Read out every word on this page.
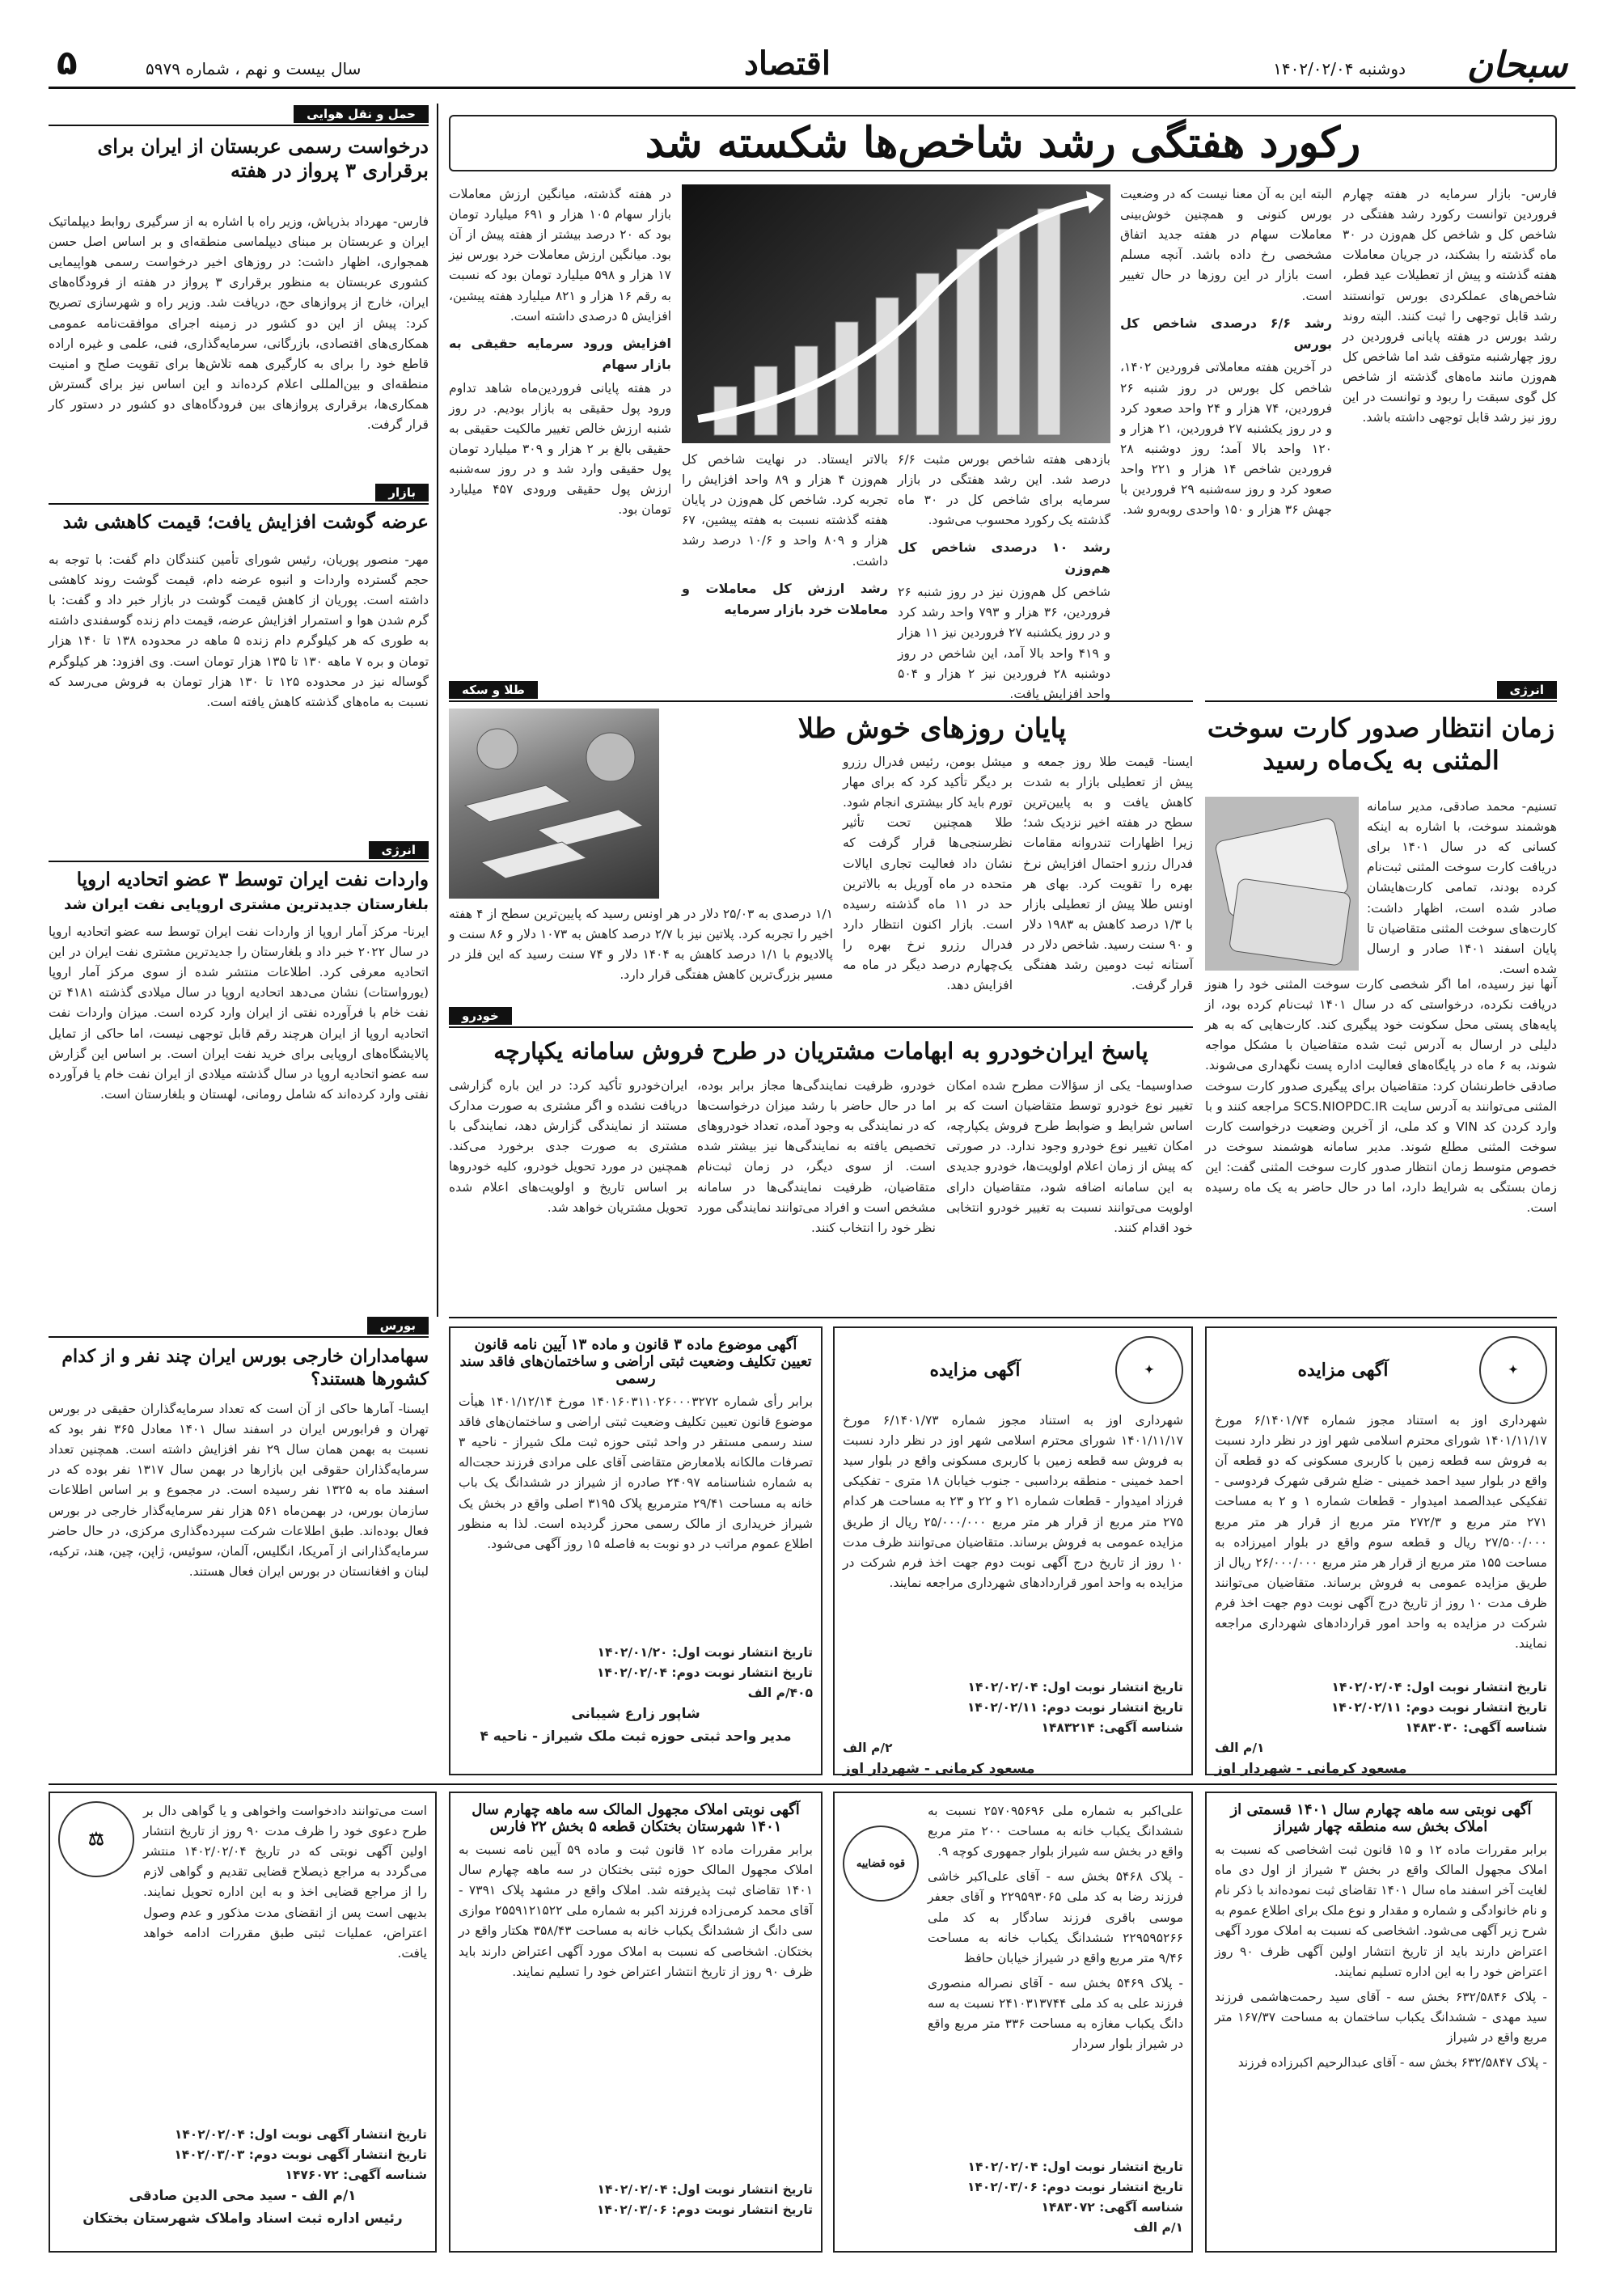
سبحان
دوشنبه ۱۴۰۲/۰۲/۰۴
اقتصاد
سال بیست و نهم ، شماره ۵۹۷۹
۵
رکورد هفتگی رشد شاخص‌ها شکسته شد

فارس- بازار سرمایه در هفته چهارم فروردین توانست رکورد رشد هفتگی در شاخص کل و شاخص کل هم‌وزن در ۳۰ ماه گذشته را بشکند، در جریان معاملات هفته گذشته و پیش از تعطیلات عید فطر، شاخص‌های عملکردی بورس توانستند رشد قابل توجهی را ثبت کنند. البته روند رشد بورس در هفته پایانی فروردین در روز چهارشنبه متوقف شد اما شاخص کل هم‌وزن مانند ماه‌های گذشته از شاخص کل گوی سبقت را ربود و توانست در این روز نیز رشد قابل توجهی داشته باشد.

البته این به آن معنا نیست که در وضعیت بورس کنونی و همچنین خوش‌بینی معاملات سهام در هفته جدید اتفاق مشخصی رخ داده باشد. آنچه مسلم است بازار در این روزها در حال تغییر است.

رشد ۶/۶ درصدی شاخص کل بورس

در آخرین هفته معاملاتی فروردین ۱۴۰۲، شاخص کل بورس در روز شنبه ۲۶ فروردین، ۷۴ هزار و ۲۴ واحد صعود کرد و در روز یکشنبه ۲۷ فروردین، ۲۱ هزار و ۱۲۰ واحد بالا آمد؛ روز دوشنبه ۲۸ فروردین شاخص ۱۴ هزار و ۲۲۱ واحد صعود کرد و روز سه‌شنبه ۲۹ فروردین با جهش ۳۶ هزار و ۱۵۰ واحدی روبه‌رو شد.

بازدهی هفته شاخص بورس مثبت ۶/۶ درصد شد. این رشد هفتگی در بازار سرمایه برای شاخص کل در ۳۰ ماه گذشته یک رکورد محسوب می‌شود.

رشد ۱۰ درصدی شاخص کل هم‌وزن

شاخص کل هم‌وزن نیز در روز شنبه ۲۶ فروردین، ۳۶ هزار و ۷۹۳ واحد رشد کرد و در روز یکشنبه ۲۷ فروردین نیز ۱۱ هزار و ۴۱۹ واحد بالا آمد، این شاخص در روز دوشنبه ۲۸ فروردین نیز ۲ هزار و ۵۰۴ واحد افزایش یافت.

بالاتر ایستاد. در نهایت شاخص کل هم‌وزن ۴ هزار و ۸۹ واحد افزایش را تجربه کرد. شاخص کل هم‌وزن در پایان هفته گذشته نسبت به هفته پیشین، ۶۷ هزار و ۸۰۹ واحد و ۱۰/۶ درصد رشد داشت.

رشد ارزش کل معاملات و معاملات خرد بازار سرمایه

در هفته گذشته، میانگین ارزش معاملات بازار سهام ۱۰۵ هزار و ۶۹۱ میلیارد تومان بود که ۲۰ درصد بیشتر از هفته پیش از آن بود. میانگین ارزش معاملات خرد بورس نیز ۱۷ هزار و ۵۹۸ میلیارد تومان بود که نسبت به رقم ۱۶ هزار و ۸۲۱ میلیارد هفته پیشین، افزایش ۵ درصدی داشته است.

افزایش ورود سرمایه حقیقی به بازار سهام

در هفته پایانی فروردین‌ماه شاهد تداوم ورود پول حقیقی به بازار بودیم. در روز شنبه ارزش خالص تغییر مالکیت حقیقی به حقیقی بالغ بر ۲ هزار و ۳۰۹ میلیارد تومان پول حقیقی وارد شد و در روز سه‌شنبه ارزش پول حقیقی ورودی ۴۵۷ میلیارد تومان بود.

حمل و نقل هوایی
درخواست رسمی عربستان از ایران برای برقراری ۳ پرواز در هفته

فارس- مهرداد بذرپاش، وزیر راه با اشاره به از سرگیری روابط دیپلماتیک ایران و عربستان بر مبنای دیپلماسی منطقه‌ای و بر اساس اصل حسن همجواری، اظهار داشت: در روزهای اخیر درخواست رسمی هواپیمایی کشوری عربستان به منظور برقراری ۳ پرواز در هفته از فرودگاه‌های ایران، خارج از پروازهای حج، دریافت شد. وزیر راه و شهرسازی تصریح کرد: پیش از این دو کشور در زمینه اجرای موافقت‌نامه عمومی همکاری‌های اقتصادی، بازرگانی، سرمایه‌گذاری، فنی، علمی و غیره اراده قاطع خود را برای به کارگیری همه تلاش‌ها برای تقویت صلح و امنیت منطقه‌ای و بین‌المللی اعلام کرده‌اند و این اساس نیز برای گسترش همکاری‌ها، برقراری پروازهای بین فرودگاه‌های دو کشور در دستور کار قرار گرفت.

بازار
عرضه گوشت افزایش یافت؛ قیمت کاهشی شد

مهر- منصور پوریان، رئیس شورای تأمین کنندگان دام گفت: با توجه به حجم گسترده واردات و انبوه عرضه دام، قیمت گوشت روند کاهشی داشته است. پوریان از کاهش قیمت گوشت در بازار خبر داد و گفت: با گرم شدن هوا و استمرار افزایش عرضه، قیمت دام زنده گوسفندی داشته به طوری که هر کیلوگرم دام زنده ۵ ماهه در محدوده ۱۳۸ تا ۱۴۰ هزار تومان و بره ۷ ماهه ۱۳۰ تا ۱۳۵ هزار تومان است. وی افزود: هر کیلوگرم گوساله نیز در محدوده ۱۲۵ تا ۱۳۰ هزار تومان به فروش می‌رسد که نسبت به ماه‌های گذشته کاهش یافته است.

انرژی
واردات نفت ایران توسط ۳ عضو اتحادیه اروپا
بلغارستان جدیدترین مشتری اروپایی نفت ایران شد

ایرنا- مرکز آمار اروپا از واردات نفت ایران توسط سه عضو اتحادیه اروپا در سال ۲۰۲۲ خبر داد و بلغارستان را جدیدترین مشتری نفت ایران در این اتحادیه معرفی کرد. اطلاعات منتشر شده از سوی مرکز آمار اروپا (یورواستات) نشان می‌دهد اتحادیه اروپا در سال میلادی گذشته ۴۱۸۱ تن نفت خام با فرآورده نفتی از ایران وارد کرده است. میزان واردات نفت اتحادیه اروپا از ایران هرچند رقم قابل توجهی نیست، اما حاکی از تمایل پالایشگاه‌های اروپایی برای خرید نفت ایران است. بر اساس این گزارش سه عضو اتحادیه اروپا در سال گذشته میلادی از ایران نفت خام یا فرآورده نفتی وارد کرده‌اند که شامل رومانی، لهستان و بلغارستان است.

طلا و سکه
پایان روزهای خوش طلا

ایسنا- قیمت طلا روز جمعه و پیش از تعطیلی بازار به شدت کاهش یافت و به پایین‌ترین سطح در هفته اخیر نزدیک شد؛ زیرا اظهارات تندروانه مقامات فدرال رزرو احتمال افزایش نرخ بهره را تقویت کرد. بهای هر اونس طلا پیش از تعطیلی بازار با ۱/۳ درصد کاهش به ۱۹۸۳ دلار و ۹۰ سنت رسید. شاخص دلار در آستانه ثبت دومین رشد هفتگی قرار گرفت.

میشل بومن، رئیس فدرال رزرو بر دیگر تأکید کرد که برای مهار تورم باید کار بیشتری انجام شود. طلا همچنین تحت تأثیر نظرسنجی‌ها قرار گرفت که نشان داد فعالیت تجاری ایالات متحده در ماه آوریل به بالاترین حد در ۱۱ ماه گذشته رسیده است. بازار اکنون انتظار دارد فدرال رزرو نرخ بهره را یک‌چهارم درصد دیگر در ماه مه افزایش دهد.

۱/۱ درصدی به ۲۵/۰۳ دلار در هر اونس رسید که پایین‌ترین سطح از ۴ هفته اخیر را تجربه کرد. پلاتین نیز با ۲/۷ درصد کاهش به ۱۰۷۳ دلار و ۸۶ سنت و پالادیوم با ۱/۱ درصد کاهش به ۱۴۰۴ دلار و ۷۴ سنت رسید که این فلز در مسیر بزرگ‌ترین کاهش هفتگی قرار دارد.

انرژی
زمان انتظار صدور کارت سوخت المثنی به یک‌ماه رسید

تسنیم- محمد صادقی، مدیر سامانه هوشمند سوخت، با اشاره به اینکه کسانی که در سال ۱۴۰۱ برای دریافت کارت سوخت المثنی ثبت‌نام کرده بودند، تمامی کارت‌هایشان صادر شده است، اظهار داشت: کارت‌های سوخت المثنی متقاضیان تا پایان اسفند ۱۴۰۱ صادر و ارسال شده است.

آنها نیز رسیده، اما اگر شخصی کارت سوخت المثنی خود را هنوز دریافت نکرده، درخواستی که در سال ۱۴۰۱ ثبت‌نام کرده بود، از پایه‌های پستی محل سکونت خود پیگیری کند. کارت‌هایی که به هر دلیلی در ارسال به آدرس ثبت شده متقاضیان با مشکل مواجه شوند، به ۶ ماه در پایگاه‌های فعالیت اداره پست نگهداری می‌شوند. صادقی خاطرنشان کرد: متقاضیان برای پیگیری صدور کارت سوخت المثنی می‌توانند به آدرس سایت SCS.NIOPDC.IR مراجعه کنند و با وارد کردن کد VIN و کد ملی، از آخرین وضعیت درخواست کارت سوخت المثنی مطلع شوند. مدیر سامانه هوشمند سوخت در خصوص متوسط زمان انتظار صدور کارت سوخت المثنی گفت: این زمان بستگی به شرایط دارد، اما در حال حاضر به یک ماه رسیده است.

خودرو
پاسخ ایران‌خودرو به ابهامات مشتریان در طرح فروش سامانه یکپارچه

صداوسیما- یکی از سؤالات مطرح شده امکان تغییر نوع خودرو توسط متقاضیان است که بر اساس شرایط و ضوابط طرح فروش یکپارچه، امکان تغییر نوع خودرو وجود ندارد. در صورتی که پیش از زمان اعلام اولویت‌ها، خودرو جدیدی به این سامانه اضافه شود، متقاضیان دارای اولویت می‌توانند نسبت به تغییر خودرو انتخابی خود اقدام کنند.

خودرو، ظرفیت نمایندگی‌ها مجاز برابر بوده، اما در حال حاضر با رشد میزان درخواست‌ها که در نمایندگی به وجود آمده، تعداد خودروهای تخصیص یافته به نمایندگی‌ها نیز بیشتر شده است. از سوی دیگر، در زمان ثبت‌نام متقاضیان، ظرفیت نمایندگی‌ها در سامانه مشخص است و افراد می‌توانند نمایندگی مورد نظر خود را انتخاب کنند.

ایران‌خودرو تأکید کرد: در این باره گزارشی دریافت نشده و اگر مشتری به صورت مدارک مستند از نمایندگی گزارش دهد، نمایندگی با مشتری به صورت جدی برخورد می‌کند. همچنین در مورد تحویل خودرو، کلیه خودروها بر اساس تاریخ و اولویت‌های اعلام شده تحویل مشتریان خواهد شد.

بورس
سهامداران خارجی بورس ایران چند نفر و از کدام کشورها هستند؟

ایسنا- آمارها حاکی از آن است که تعداد سرمایه‌گذاران حقیقی در بورس تهران و فرابورس ایران در اسفند سال ۱۴۰۱ معادل ۳۶۵ نفر بود که نسبت به بهمن همان سال ۲۹ نفر افزایش داشته است. همچنین تعداد سرمایه‌گذاران حقوقی این بازارها در بهمن سال ۱۳۱۷ نفر بوده که در اسفند ماه به ۱۳۲۵ نفر رسیده است. در مجموع و بر اساس اطلاعات سازمان بورس، در بهمن‌ماه ۵۶۱ هزار نفر سرمایه‌گذار خارجی در بورس فعال بوده‌اند. طبق اطلاعات شرکت سپرده‌گذاری مرکزی، در حال حاضر سرمایه‌گذارانی از آمریکا، انگلیس، آلمان، سوئیس، ژاپن، چین، هند، ترکیه، لبنان و افغانستان در بورس ایران فعال هستند.

✦
آگهی مزایده

شهرداری اوز به استناد مجوز شماره ۶/۱۴۰۱/۷۴ مورخ ۱۴۰۱/۱۱/۱۷ شورای محترم اسلامی شهر اوز در نظر دارد نسبت به فروش سه قطعه زمین با کاربری مسکونی که دو قطعه آن واقع در بلوار سید احمد خمینی - ضلع شرقی شهرک فردوسی - تفکیکی عبدالصمد امیدوار - قطعات شماره ۱ و ۲ به مساحت ۲۷۱ متر مربع و ۲۷۲/۳ متر مربع از قرار هر متر مربع ۲۷/۵۰۰/۰۰۰ ریال و قطعه سوم واقع در بلوار امیرزاده به مساحت ۱۵۵ متر مربع از قرار هر متر مربع ۲۶/۰۰۰/۰۰۰ ریال از طریق مزایده عمومی به فروش برساند. متقاضیان می‌توانند ظرف مدت ۱۰ روز از تاریخ درج آگهی نوبت دوم جهت اخذ فرم شرکت در مزایده به واحد امور قراردادهای شهرداری مراجعه نمایند.

تاریخ انتشار نوبت اول: ۱۴۰۲/۰۲/۰۴
تاریخ انتشار نوبت دوم: ۱۴۰۲/۰۲/۱۱
شناسه آگهی: ۱۴۸۳۰۳۰
۱/م الف
مسعود کرمانی - شهردار اوز
✦
آگهی مزایده

شهرداری اوز به استناد مجوز شماره ۶/۱۴۰۱/۷۳ مورخ ۱۴۰۱/۱۱/۱۷ شورای محترم اسلامی شهر اوز در نظر دارد نسبت به فروش سه قطعه زمین با کاربری مسکونی واقع در بلوار سید احمد خمینی - منطقه برداسبی - جنوب خیابان ۱۸ متری - تفکیکی فرزاد امیدوار - قطعات شماره ۲۱ و ۲۲ و ۲۳ به مساحت هر کدام ۲۷۵ متر مربع از قرار هر متر مربع ۲۵/۰۰۰/۰۰۰ ریال از طریق مزایده عمومی به فروش برساند. متقاضیان می‌توانند ظرف مدت ۱۰ روز از تاریخ درج آگهی نوبت دوم جهت اخذ فرم شرکت در مزایده به واحد امور قراردادهای شهرداری مراجعه نمایند.

تاریخ انتشار نوبت اول: ۱۴۰۲/۰۲/۰۴
تاریخ انتشار نوبت دوم: ۱۴۰۲/۰۲/۱۱
شناسه آگهی: ۱۴۸۳۲۱۴
۲/م الف
مسعود کرمانی - شهردار اوز
آگهی موضوع ماده ۳ قانون و ماده ۱۳ آیین نامه قانون تعیین تکلیف وضعیت ثبتی اراضی و ساختمان‌های فاقد سند رسمی

برابر رأی شماره ۱۴۰۱۶۰۳۱۱۰۲۶۰۰۰۳۲۷۲ مورخ ۱۴۰۱/۱۲/۱۴ هیأت موضوع قانون تعیین تکلیف وضعیت ثبتی اراضی و ساختمان‌های فاقد سند رسمی مستقر در واحد ثبتی حوزه ثبت ملک شیراز - ناحیه ۳ تصرفات مالکانه بلامعارض متقاضی آقای علی مرادی فرزند حجت‌اله به شماره شناسنامه ۲۴۰۹۷ صادره از شیراز در ششدانگ یک باب خانه به مساحت ۲۹/۴۱ مترمربع پلاک ۳۱۹۵ اصلی واقع در بخش یک شیراز خریداری از مالک رسمی محرز گردیده است. لذا به منظور اطلاع عموم مراتب در دو نوبت به فاصله ۱۵ روز آگهی می‌شود.

تاریخ انتشار نوبت اول: ۱۴۰۲/۰۱/۲۰
تاریخ انتشار نوبت دوم: ۱۴۰۲/۰۲/۰۴
۴۰۵/م الف
شاپور زارع شیبانی
مدیر واحد ثبتی حوزه ثبت ملک شیراز - ناحیه ۴
آگهی نوبتی سه ماهه چهارم سال ۱۴۰۱ قسمتی از املاک بخش سه منطقه چهار شیراز

برابر مقررات ماده ۱۲ و ۱۵ قانون ثبت اشخاصی که نسبت به املاک مجهول المالک واقع در بخش ۳ شیراز از اول دی ماه لغایت آخر اسفند ماه سال ۱۴۰۱ تقاضای ثبت نموده‌اند با ذکر نام و نام خانوادگی و شماره و مقدار و نوع ملک برای اطلاع عموم به شرح زیر آگهی می‌شود. اشخاصی که نسبت به املاک مورد آگهی اعتراض دارند باید از تاریخ انتشار اولین آگهی ظرف ۹۰ روز اعتراض خود را به این اداره تسلیم نمایند.

- پلاک ۶۳۲/۵۸۴۶ بخش سه - آقای سید رحمت‌هاشمی فرزند سید مهدی - ششدانگ یکباب ساختمان به مساحت ۱۶۷/۳۷ متر مربع واقع در شیراز

- پلاک ۶۳۲/۵۸۴۷ بخش سه - آقای عبدالرحیم اکبرزاده فرزند

قوه قضاییه

علی‌اکبر به شماره ملی ۲۵۷۰۹۵۶۹۶ نسبت به ششدانگ یکباب خانه به مساحت ۲۰۰ متر مربع واقع در بخش سه شیراز بلوار جمهوری کوچه ۹.

- پلاک ۵۴۶۸ بخش سه - آقای علی‌اکبر خاشی فرزند رضا به کد ملی ۲۲۹۵۹۳۰۶۵ و آقای جعفر موسی باقری فرزند سادگار به کد ملی ۲۲۹۵۹۵۲۶۶ ششدانگ یکباب خانه به مساحت ۹/۴۶ متر مربع واقع در شیراز خیابان حافظ

- پلاک ۵۴۶۹ بخش سه - آقای نصراله منصوری فرزند علی به کد ملی ۲۴۱۰۳۱۳۷۴۴ نسبت به سه دانگ یکباب مغازه به مساحت ۳۳۶ متر مربع واقع در شیراز بلوار سردار

تاریخ انتشار نوبت اول: ۱۴۰۲/۰۲/۰۴
تاریخ انتشار نوبت دوم: ۱۴۰۲/۰۳/۰۶
شناسه آگهی: ۱۴۸۳۰۷۲
۱/م الف
آگهی نوبتی املاک مجهول المالک سه ماهه چهارم سال ۱۴۰۱ شهرستان بختکان قطعه ۵ بخش ۲۲ فارس

برابر مقررات ماده ۱۲ قانون ثبت و ماده ۵۹ آیین نامه نسبت به املاک مجهول المالک حوزه ثبتی بختکان در سه ماهه چهارم سال ۱۴۰۱ تقاضای ثبت پذیرفته شد. املاک واقع در مشهد پلاک ۷۳۹۱ - آقای محمد کرمی‌زاده فرزند اکبر به شماره ملی ۲۵۵۹۱۲۱۵۲۲ موازی سی دانگ از ششدانگ یکباب خانه به مساحت ۳۵۸/۴۳ هکتار واقع در بختکان. اشخاصی که نسبت به املاک مورد آگهی اعتراض دارند باید ظرف ۹۰ روز از تاریخ انتشار اعتراض خود را تسلیم نمایند.

تاریخ انتشار نوبت اول: ۱۴۰۲/۰۲/۰۴
تاریخ انتشار نوبت دوم: ۱۴۰۲/۰۳/۰۶
⚖

است می‌توانند دادخواست واخواهی و یا گواهی دال بر طرح دعوی خود را ظرف مدت ۹۰ روز از تاریخ انتشار اولین آگهی نوبتی که در تاریخ ۱۴۰۲/۰۲/۰۴ منتشر می‌گردد به مراجع ذیصلاح قضایی تقدیم و گواهی لازم را از مراجع قضایی اخذ و به این اداره تحویل نمایند. بدیهی است پس از انقضای مدت مذکور و عدم وصول اعتراض، عملیات ثبتی طبق مقررات ادامه خواهد یافت.

تاریخ انتشار آگهی نوبت اول: ۱۴۰۲/۰۲/۰۴
تاریخ انتشار آگهی نوبت دوم: ۱۴۰۲/۰۳/۰۳
شناسه آگهی: ۱۴۷۶۰۷۲
۱/م الف - سید محی الدین صادقی
رئیس اداره ثبت اسناد واملاک شهرستان بختکان
